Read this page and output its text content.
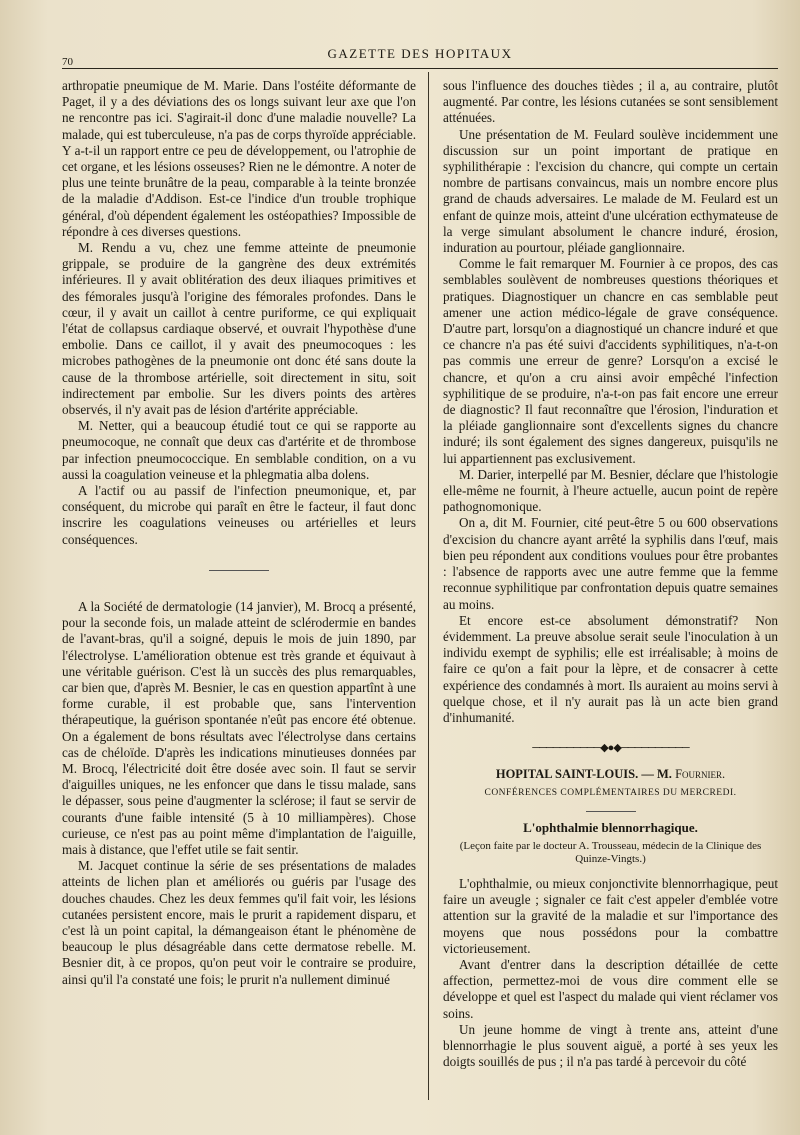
70
GAZETTE DES HOPITAUX

arthropatie pneumique de M. Marie. Dans l'ostéite déformante de Paget, il y a des déviations des os longs suivant leur axe que l'on ne rencontre pas ici. S'agirait-il donc d'une maladie nouvelle? La malade, qui est tuberculeuse, n'a pas de corps thyroïde appréciable. Y a-t-il un rapport entre ce peu de développement, ou l'atrophie de cet organe, et les lésions osseuses? Rien ne le démontre. A noter de plus une teinte brunâtre de la peau, comparable à la teinte bronzée de la maladie d'Addison. Est-ce l'indice d'un trouble trophique général, d'où dépendent également les ostéopathies? Impossible de répondre à ces diverses questions.

M. Rendu a vu, chez une femme atteinte de pneumonie grippale, se produire de la gangrène des deux extrémités inférieures. Il y avait oblitération des deux iliaques primitives et des fémorales jusqu'à l'origine des fémorales profondes. Dans le cœur, il y avait un caillot à centre puriforme, ce qui expliquait l'état de collapsus cardiaque observé, et ouvrait l'hypothèse d'une embolie. Dans ce caillot, il y avait des pneumocoques : les microbes pathogènes de la pneumonie ont donc été sans doute la cause de la thrombose artérielle, soit directement in situ, soit indirectement par embolie. Sur les divers points des artères observés, il n'y avait pas de lésion d'artérite appréciable.

M. Netter, qui a beaucoup étudié tout ce qui se rapporte au pneumocoque, ne connaît que deux cas d'artérite et de thrombose par infection pneumococcique. En semblable condition, on a vu aussi la coagulation veineuse et la phlegmatia alba dolens.

A l'actif ou au passif de l'infection pneumonique, et, par conséquent, du microbe qui paraît en être le facteur, il faut donc inscrire les coagulations veineuses ou artérielles et leurs conséquences.

A la Société de dermatologie (14 janvier), M. Brocq a présenté, pour la seconde fois, un malade atteint de sclérodermie en bandes de l'avant-bras, qu'il a soigné, depuis le mois de juin 1890, par l'électrolyse. L'amélioration obtenue est très grande et équivaut à une véritable guérison. C'est là un succès des plus remarquables, car bien que, d'après M. Besnier, le cas en question appartînt à une forme curable, il est probable que, sans l'intervention thérapeutique, la guérison spontanée n'eût pas encore été obtenue. On a également de bons résultats avec l'électrolyse dans certains cas de chéloïde. D'après les indications minutieuses données par M. Brocq, l'électricité doit être dosée avec soin. Il faut se servir d'aiguilles uniques, ne les enfoncer que dans le tissu malade, sans le dépasser, sous peine d'augmenter la sclérose; il faut se servir de courants d'une faible intensité (5 à 10 milliampères). Chose curieuse, ce n'est pas au point même d'implantation de l'aiguille, mais à distance, que l'effet utile se fait sentir.

M. Jacquet continue la série de ses présentations de malades atteints de lichen plan et améliorés ou guéris par l'usage des douches chaudes. Chez les deux femmes qu'il fait voir, les lésions cutanées persistent encore, mais le prurit a rapidement disparu, et c'est là un point capital, la démangeaison étant le phénomène de beaucoup le plus désagréable dans cette dermatose rebelle. M. Besnier dit, à ce propos, qu'on peut voir le contraire se produire, ainsi qu'il l'a constaté une fois; le prurit n'a nullement diminué

sous l'influence des douches tièdes ; il a, au contraire, plutôt augmenté. Par contre, les lésions cutanées se sont sensiblement atténuées.

Une présentation de M. Feulard soulève incidemment une discussion sur un point important de pratique en syphilithérapie : l'excision du chancre, qui compte un certain nombre de partisans convaincus, mais un nombre encore plus grand de chauds adversaires. Le malade de M. Feulard est un enfant de quinze mois, atteint d'une ulcération ecthymateuse de la verge simulant absolument le chancre induré, érosion, induration au pourtour, pléiade ganglionnaire.

Comme le fait remarquer M. Fournier à ce propos, des cas semblables soulèvent de nombreuses questions théoriques et pratiques. Diagnostiquer un chancre en cas semblable peut amener une action médico-légale de grave conséquence. D'autre part, lorsqu'on a diagnostiqué un chancre induré et que ce chancre n'a pas été suivi d'accidents syphilitiques, n'a-t-on pas commis une erreur de genre? Lorsqu'on a excisé le chancre, et qu'on a cru ainsi avoir empêché l'infection syphilitique de se produire, n'a-t-on pas fait encore une erreur de diagnostic? Il faut reconnaître que l'érosion, l'induration et la pléiade ganglionnaire sont d'excellents signes du chancre induré; ils sont également des signes dangereux, puisqu'ils ne lui appartiennent pas exclusivement.

M. Darier, interpellé par M. Besnier, déclare que l'histologie elle-même ne fournit, à l'heure actuelle, aucun point de repère pathognomonique.

On a, dit M. Fournier, cité peut-être 5 ou 600 observations d'excision du chancre ayant arrêté la syphilis dans l'œuf, mais bien peu répondent aux conditions voulues pour être probantes : l'absence de rapports avec une autre femme que la femme reconnue syphilitique par confrontation depuis quatre semaines au moins.

Et encore est-ce absolument démonstratif? Non évidemment. La preuve absolue serait seule l'inoculation à un individu exempt de syphilis; elle est irréalisable; à moins de faire ce qu'on a fait pour la lèpre, et de consacrer à cette expérience des condamnés à mort. Ils auraient au moins servi à quelque chose, et il n'y aurait pas là un acte bien grand d'inhumanité.

──────────◆●◆──────────
HOPITAL SAINT-LOUIS. — M. Fournier.
CONFÉRENCES COMPLÉMENTAIRES DU MERCREDI.
L'ophthalmie blennorrhagique.
(Leçon faite par le docteur A. Trousseau, médecin de la Clinique des Quinze-Vingts.)

L'ophthalmie, ou mieux conjonctivite blennorrhagique, peut faire un aveugle ; signaler ce fait c'est appeler d'emblée votre attention sur la gravité de la maladie et sur l'importance des moyens que nous possédons pour la combattre victorieusement.

Avant d'entrer dans la description détaillée de cette affection, permettez-moi de vous dire comment elle se développe et quel est l'aspect du malade qui vient réclamer vos soins.

Un jeune homme de vingt à trente ans, atteint d'une blennorrhagie le plus souvent aiguë, a porté à ses yeux les doigts souillés de pus ; il n'a pas tardé à percevoir du côté
